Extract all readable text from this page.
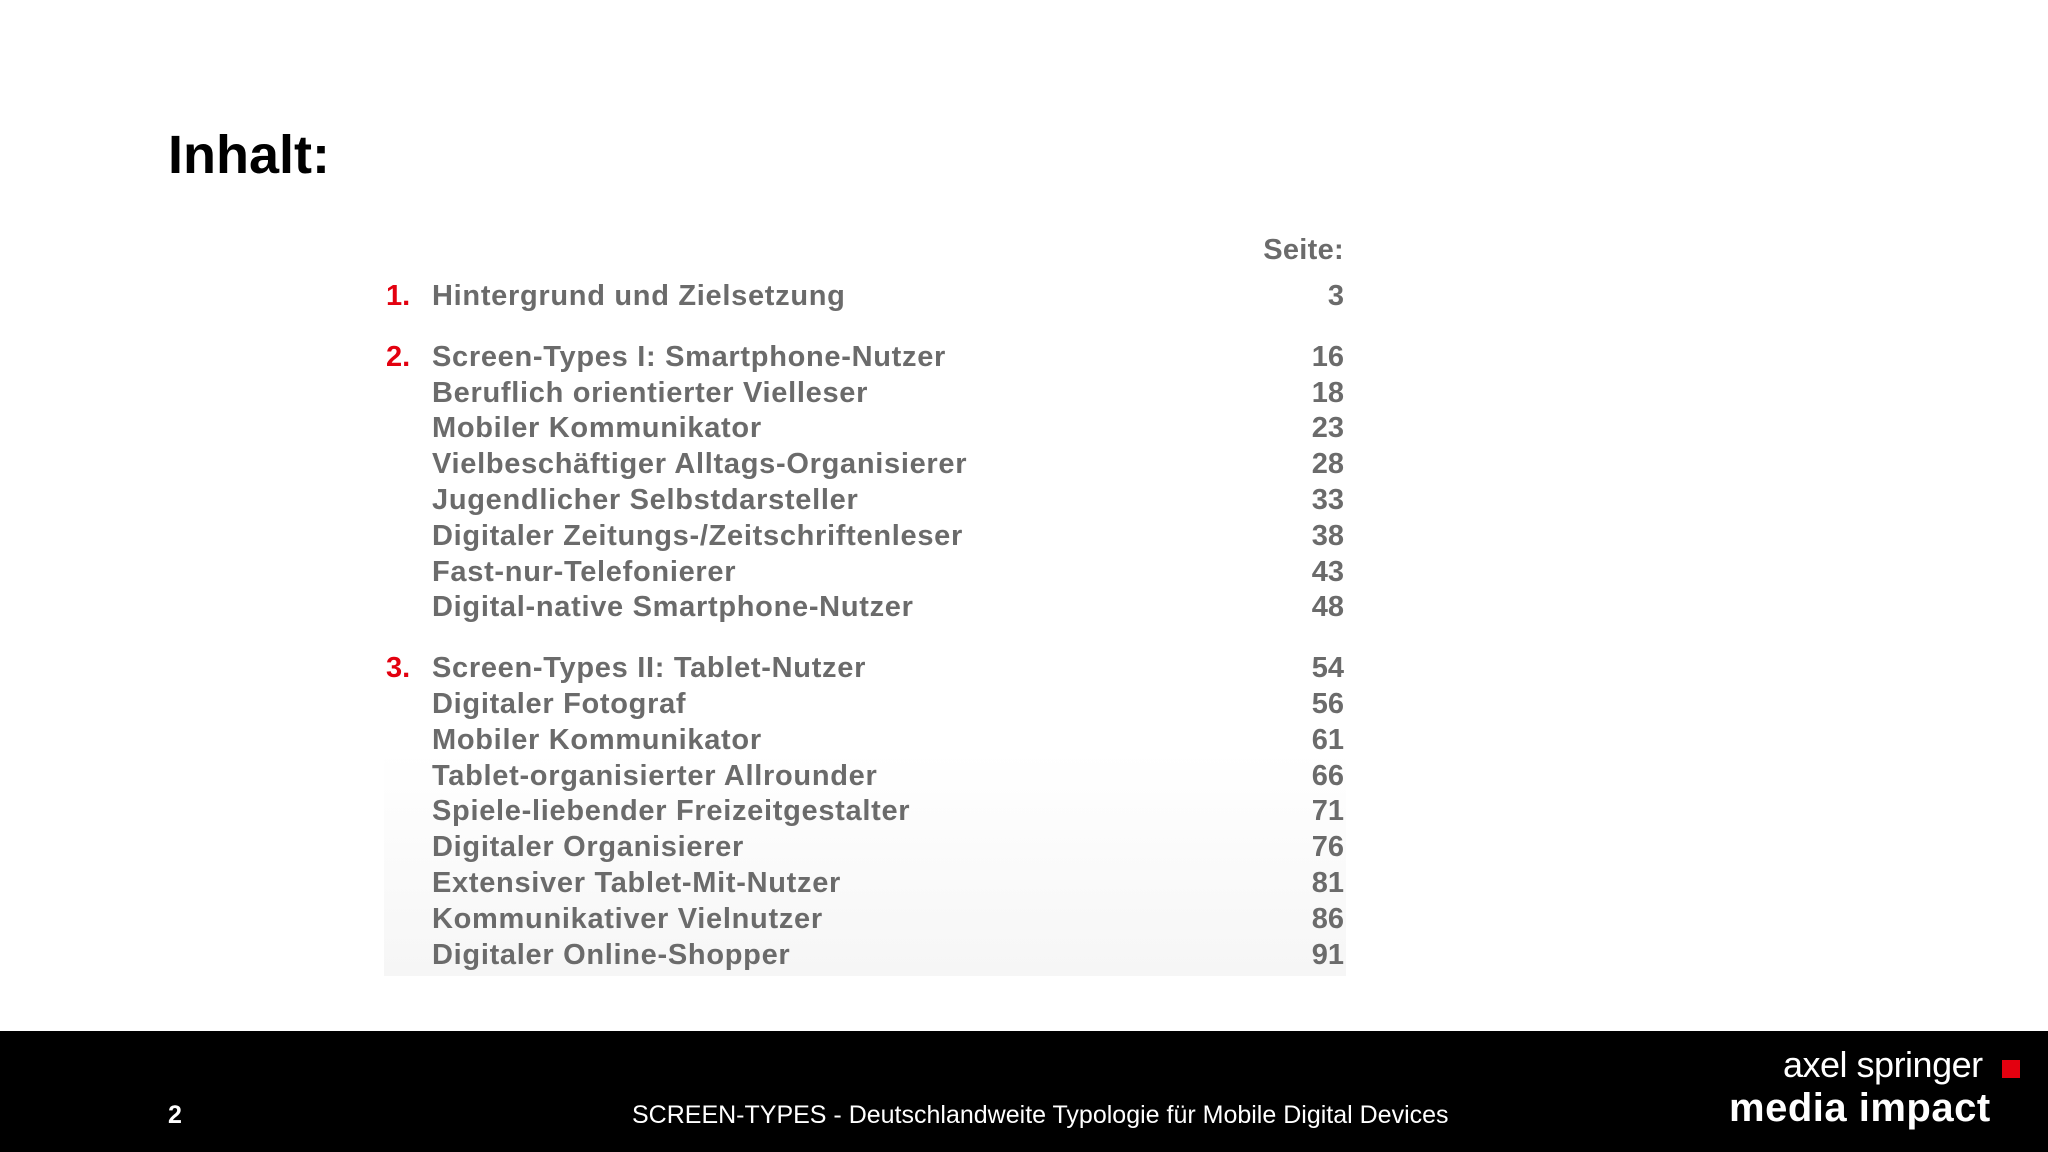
Inhalt:
Seite:
1. Hintergrund und Zielsetzung	3
2. Screen-Types I: Smartphone-Nutzer	16
Beruflich orientierter Vielleser	18
Mobiler Kommunikator	23
Vielbeschäftiger Alltags-Organisierer	28
Jugendlicher Selbstdarsteller	33
Digitaler Zeitungs-/Zeitschriftenleser	38
Fast-nur-Telefonierer	43
Digital-native Smartphone-Nutzer	48
3. Screen-Types II: Tablet-Nutzer	54
Digitaler Fotograf	56
Mobiler Kommunikator	61
Tablet-organisierter Allrounder	66
Spiele-liebender Freizeitgestalter	71
Digitaler Organisierer	76
Extensiver Tablet-Mit-Nutzer	81
Kommunikativer Vielnutzer	86
Digitaler Online-Shopper	91
2	SCREEN-TYPES - Deutschlandweite Typologie für Mobile Digital Devices
axel springer
media impact
